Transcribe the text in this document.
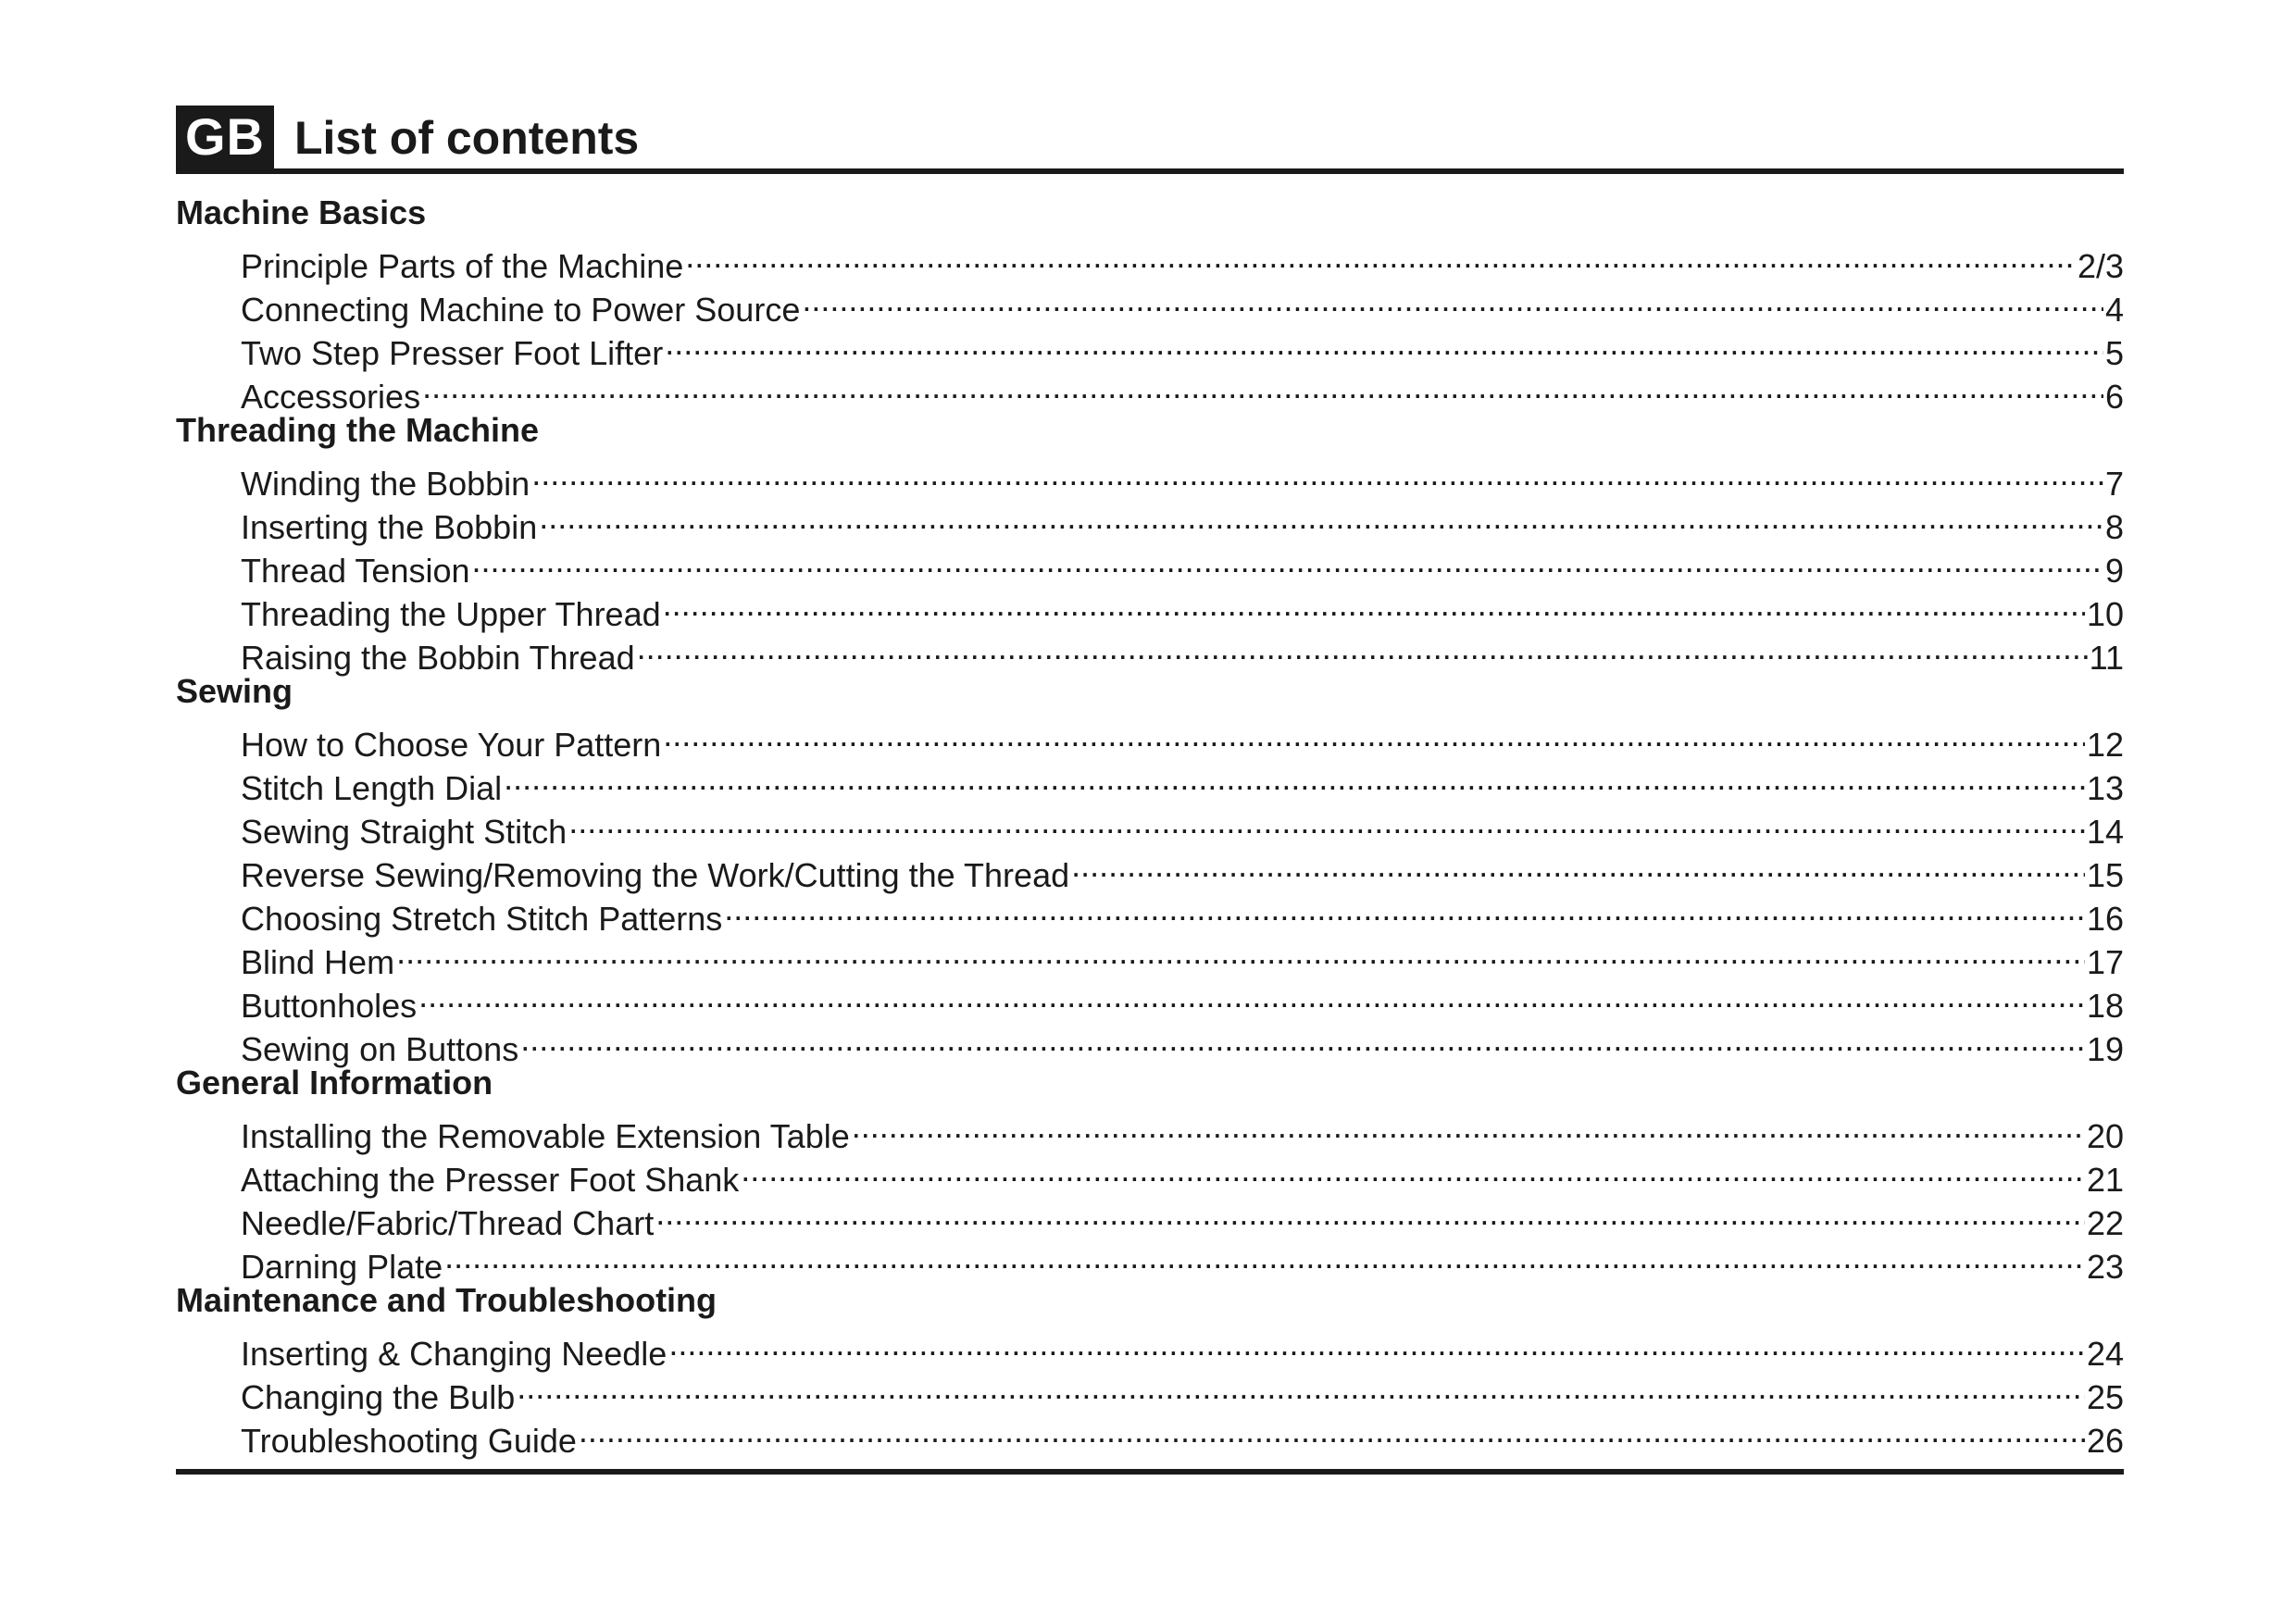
GB List of contents
Machine Basics
Principle Parts of the Machine .....	2/3
Connecting Machine to Power Source .....	4
Two Step Presser Foot Lifter .....	5
Accessories .....	6
Threading the Machine
Winding the Bobbin .....	7
Inserting the Bobbin .....	8
Thread Tension .....	9
Threading the Upper Thread .....	10
Raising the Bobbin Thread .....	11
Sewing
How to Choose Your Pattern .....	12
Stitch Length Dial .....	13
Sewing Straight Stitch .....	14
Reverse Sewing/Removing the Work/Cutting the Thread .....	15
Choosing Stretch Stitch Patterns .....	16
Blind Hem .....	17
Buttonholes .....	18
Sewing on Buttons .....	19
General Information
Installing the Removable Extension Table .....	20
Attaching the Presser Foot Shank .....	21
Needle/Fabric/Thread Chart .....	22
Darning Plate .....	23
Maintenance and Troubleshooting
Inserting & Changing Needle .....	24
Changing the Bulb .....	25
Troubleshooting Guide .....	26
